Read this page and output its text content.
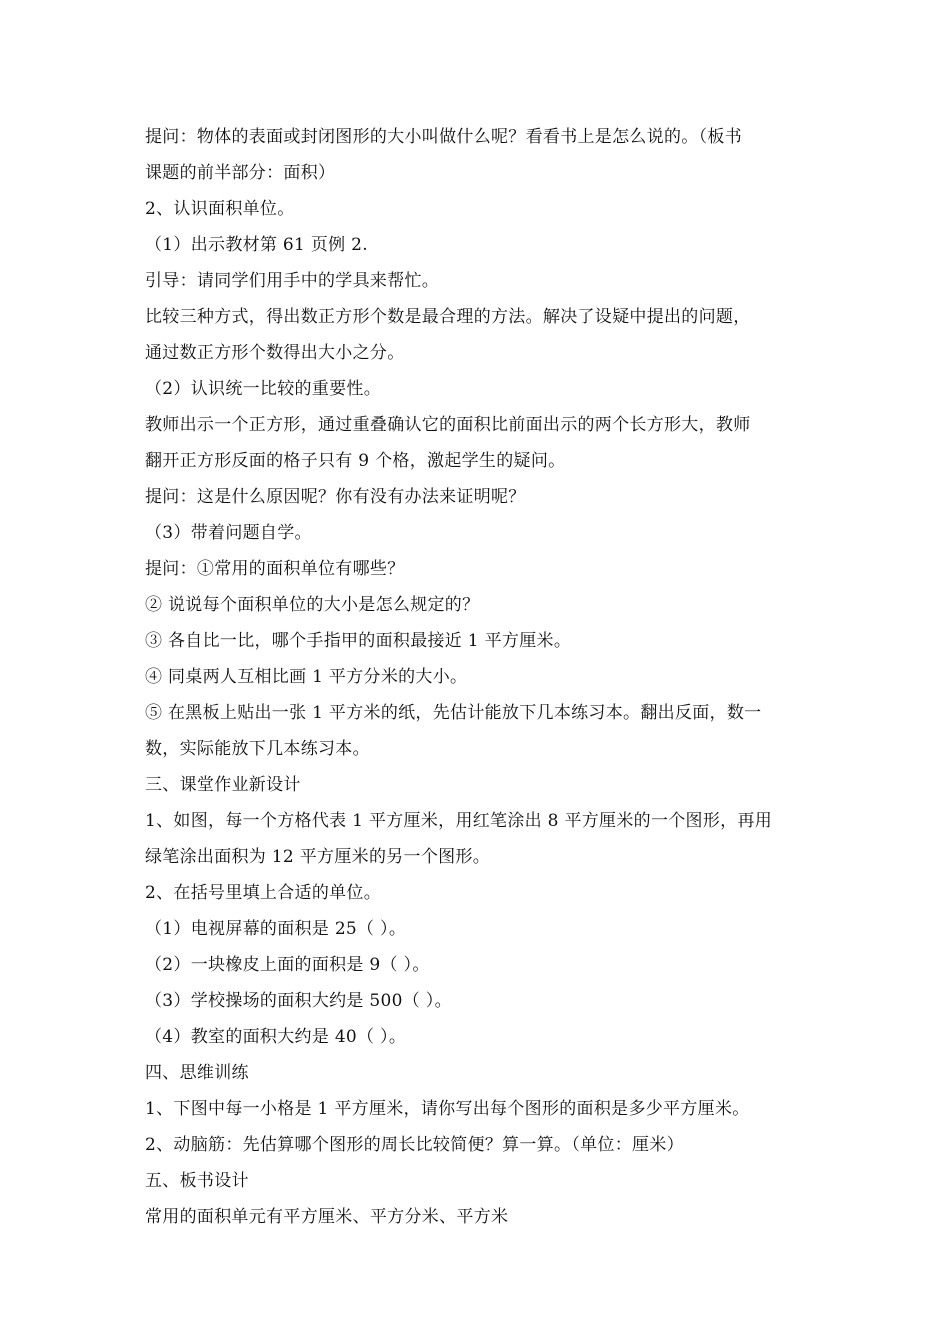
提问：物体的表面或封闭图形的大小叫做什么呢？看看书上是怎么说的。（板书
课题的前半部分：面积）
2、认识面积单位。
（1）出示教材第 61 页例 2.
引导：请同学们用手中的学具来帮忙。
比较三种方式，得出数正方形个数是最合理的方法。解决了设疑中提出的问题，
通过数正方形个数得出大小之分。
（2）认识统一比较的重要性。
教师出示一个正方形，通过重叠确认它的面积比前面出示的两个长方形大，教师
翻开正方形反面的格子只有 9 个格，激起学生的疑问。
提问：这是什么原因呢？你有没有办法来证明呢？
（3）带着问题自学。
提问：①常用的面积单位有哪些？
② 说说每个面积单位的大小是怎么规定的？
③ 各自比一比，哪个手指甲的面积最接近 1 平方厘米。
④ 同桌两人互相比画 1 平方分米的大小。
⑤ 在黑板上贴出一张 1 平方米的纸，先估计能放下几本练习本。翻出反面，数一
数，实际能放下几本练习本。
三、课堂作业新设计
1、如图，每一个方格代表 1 平方厘米，用红笔涂出 8 平方厘米的一个图形，再用
绿笔涂出面积为 12 平方厘米的另一个图形。
2、在括号里填上合适的单位。
（1）电视屏幕的面积是 25（ ）。
（2）一块橡皮上面的面积是 9（ ）。
（3）学校操场的面积大约是 500（ ）。
（4）教室的面积大约是 40（ ）。
四、思维训练
1、下图中每一小格是 1 平方厘米，请你写出每个图形的面积是多少平方厘米。
2、动脑筋：先估算哪个图形的周长比较简便？算一算。（单位：厘米）
五、板书设计
常用的面积单元有平方厘米、平方分米、平方米
